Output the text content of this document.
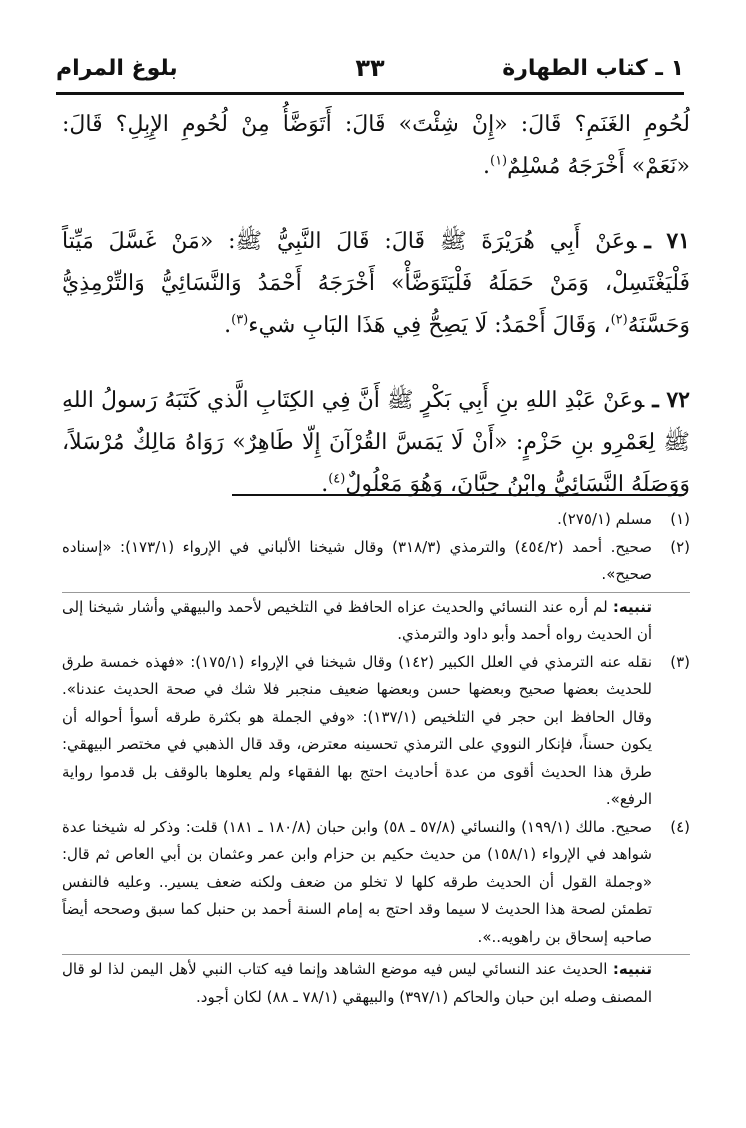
١ ـ كتاب الطهارة
٣٣
بلوغ المرام

لُحُومِ الغَنَمِ؟ قَالَ: «إِنْ شِئْتَ» قَالَ: أَتَوَضَّأُ مِنْ لُحُومِ الإِبِلِ؟ قَالَ: «نَعَمْ» أَخْرَجَهُ مُسْلِمٌ$^{(١)}$.

٧١ ـوعَنْ أَبِي هُرَيْرَةَ ﷺ قَالَ: قَالَ النَّبِيُّ ﷺ: «مَنْ غَسَّلَ مَيِّتاً فَلْيَغْتَسِلْ، وَمَنْ حَمَلَهُ فَلْيَتَوَضَّأْ» أَخْرَجَهُ أَحْمَدُ وَالنَّسَائِيُّ وَالتِّرْمِذِيُّ وَحَسَّنَهُ$^{(٢)}$، وَقَالَ أَحْمَدُ: لَا يَصِحُّ فِي هَذَا البَابِ شيء$^{(٣)}$.

٧٢ ـوعَنْ عَبْدِ اللهِ بنِ أَبِي بَكْرٍ ﷺ أَنَّ فِي الكِتَابِ الَّذي كَتَبَهُ رَسولُ اللهِ ﷺ لِعَمْرِو بنِ حَزْمٍ: «أَنْ لَا يَمَسَّ القُرْآنَ إِلّا طَاهِرٌ» رَوَاهُ مَالِكٌ مُرْسَلاً، وَوَصَلَهُ النَّسَائِيُّ وابْنُ حِبَّانَ، وَهُوَ مَعْلُولٌ$^{(٤)}$.

(١)
مسلم (٢٧٥/١).
(٢)
صحيح. أحمد (٤٥٤/٢) والترمذي (٣١٨/٣) وقال شيخنا الألباني في الإرواء (١٧٣/١): «إسناده صحيح».
تنبيه: لم أره عند النسائي والحديث عزاه الحافظ في التلخيص لأحمد والبيهقي وأشار شيخنا إلى أن الحديث رواه أحمد وأبو داود والترمذي.
(٣)
نقله عنه الترمذي في العلل الكبير (١٤٢) وقال شيخنا في الإرواء (١٧٥/١): «فهذه خمسة طرق للحديث بعضها صحيح وبعضها حسن وبعضها ضعيف منجبر فلا شك في صحة الحديث عندنا». وقال الحافظ ابن حجر في التلخيص (١٣٧/١): «وفي الجملة هو بكثرة طرقه أسوأ أحواله أن يكون حسناً، فإنكار النووي على الترمذي تحسينه معترض، وقد قال الذهبي في مختصر البيهقي: طرق هذا الحديث أقوى من عدة أحاديث احتج بها الفقهاء ولم يعلوها بالوقف بل قدموا رواية الرفع».
(٤)
صحيح. مالك (١٩٩/١) والنسائي (٥٧/٨ ـ ٥٨) وابن حبان (١٨٠/٨ ـ ١٨١) قلت: وذكر له شيخنا عدة شواهد في الإرواء (١٥٨/١) من حديث حكيم بن حزام وابن عمر وعثمان بن أبي العاص ثم قال: «وجملة القول أن الحديث طرقه كلها لا تخلو من ضعف ولكنه ضعف يسير.. وعليه فالنفس تطمئن لصحة هذا الحديث لا سيما وقد احتج به إمام السنة أحمد بن حنبل كما سبق وصححه أيضاً صاحبه إسحاق بن راهويه..».
تنبيه: الحديث عند النسائي ليس فيه موضع الشاهد وإنما فيه كتاب النبي لأهل اليمن لذا لو قال المصنف وصله ابن حبان والحاكم (٣٩٧/١) والبيهقي (٧٨/١ ـ ٨٨) لكان أجود.
